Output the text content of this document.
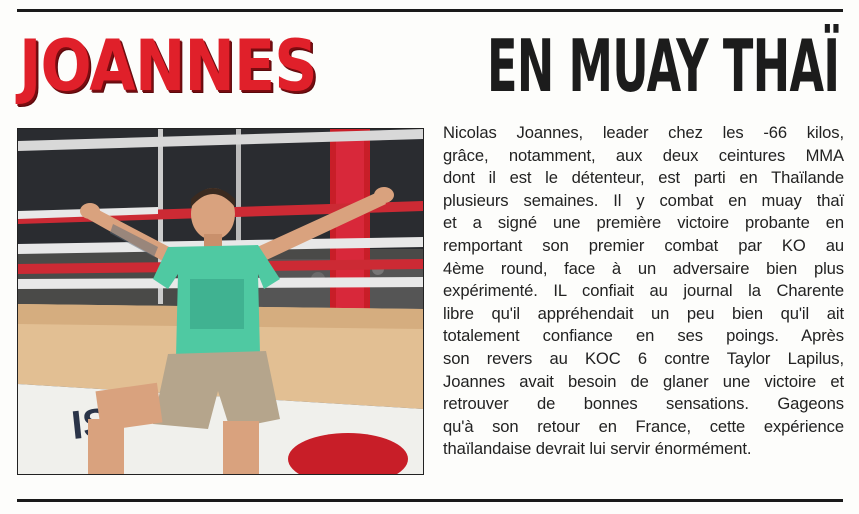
JOANNES EN MUAY THAÏ
Nicolas Joannes, leader chez les -66 kilos,
grâce, notamment, aux deux ceintures MMA
dont il est le détenteur, est parti en Thaïlande
plusieurs semaines. Il y combat en muay thaï
et a signé une première victoire probante en
remportant son premier combat par KO au
4ème round, face à un adversaire bien plus
expérimenté. IL confiait au journal la Charente
libre qu'il appréhendait un peu bien qu'il ait
totalement confiance en ses poings. Après
son revers au KOC 6 contre Taylor Lapilus,
Joannes avait besoin de glaner une victoire et
retrouver de bonnes sensations. Gageons
qu'à son retour en France, cette expérience
thaïlandaise devrait lui servir énormément.
